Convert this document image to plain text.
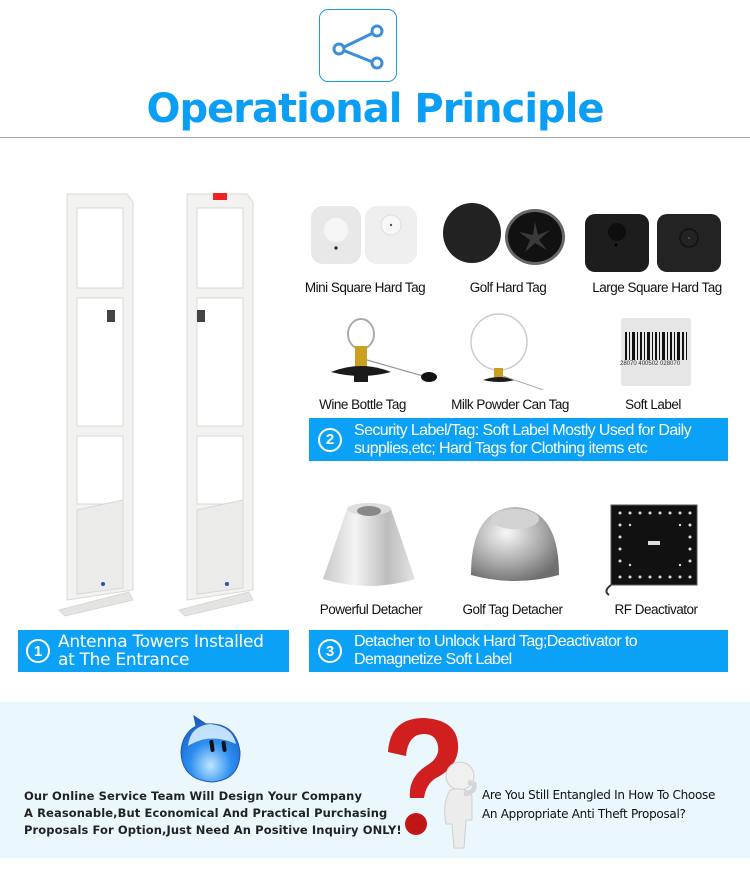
Operational Principle
1 Antenna Towers Installed
at The Entrance
Mini Square Hard Tag	Golf Hard Tag	Large Square Hard Tag
28070 400502 028070
Wine Bottle Tag	Milk Powder Can Tag	Soft Label
2
Security Label/Tag: Soft Label Mostly Used for Daily
supplies,etc; Hard Tags for Clothing items etc
Powerful Detacher	Golf Tag Detacher	RF Deactivator
3
Detacher to Unlock Hard Tag;Deactivator to
Demagnetize Soft Label
Our Online Service Team Will Design Your Company
A Reasonable,But Economical And Practical Purchasing
Proposals For Option,Just Need An Positive Inquiry ONLY!
Are You Still Entangled In How To Choose
An Appropriate Anti Theft Proposal?
